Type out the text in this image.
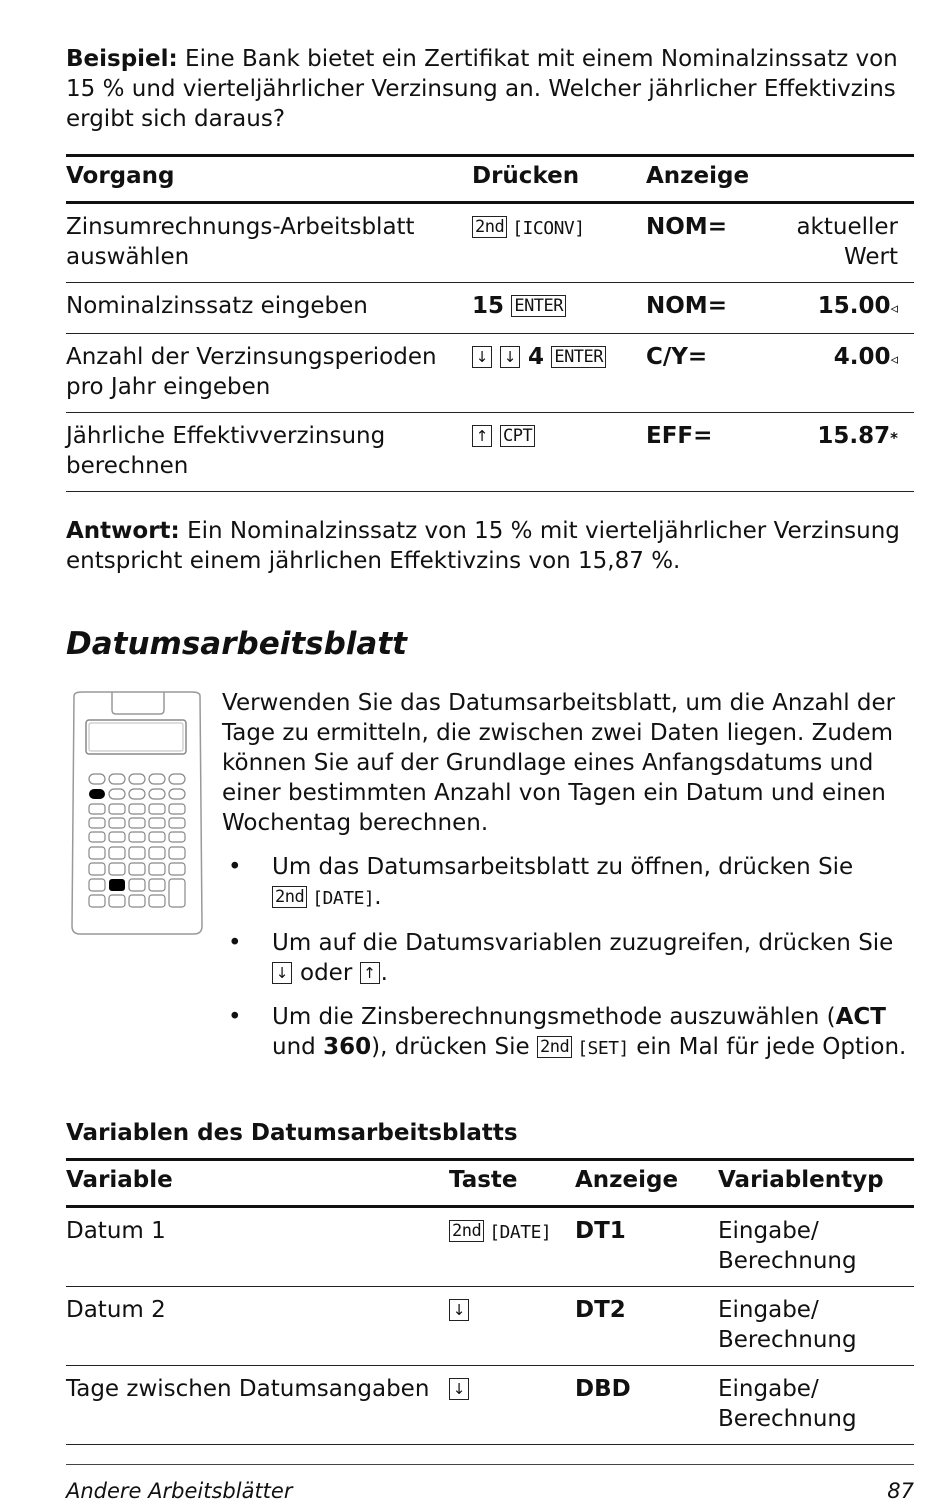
Beispiel: Eine Bank bietet ein Zertifikat mit einem Nominalzinssatz von 15 % und vierteljährlicher Verzinsung an. Welcher jährlicher Effektivzins ergibt sich daraus?

Vorgang	Drücken	Anzeige
Zinsumrechnungs-Arbeitsblatt auswählen	2nd [ICONV]	NOM= aktueller Wert

Nominalzinssatz eingeben	15 ENTER	NOM= 15.00◃

Anzahl der Verzinsungsperioden pro Jahr eingeben	↓ ↓ 4 ENTER	C/Y= 4.00◃

Jährliche Effektivverzinsung berechnen	↑ CPT	EFF= 15.87*

Antwort: Ein Nominalzinssatz von 15 % mit vierteljährlicher Verzinsung entspricht einem jährlichen Effektivzins von 15,87 %.

Datumsarbeitsblatt

Verwenden Sie das Datumsarbeitsblatt, um die Anzahl der Tage zu ermitteln, die zwischen zwei Daten liegen. Zudem können Sie auf der Grundlage eines Anfangsdatums und einer bestimmten Anzahl von Tagen ein Datum und einen Wochentag berechnen.

• Um das Datumsarbeitsblatt zu öffnen, drücken Sie
2nd [DATE].
• Um auf die Datumsvariablen zuzugreifen, drücken Sie
↓ oder ↑ .
• Um die Zinsberechnungsmethode auszuwählen (ACT
und 360), drücken Sie 2nd [SET] ein Mal für jede Option.
Variablen des Datumsarbeitsblatts
Variable	Taste	Anzeige	Variablentyp
Datum 1	2nd [DATE]	DT1	Eingabe/ Berechnung
Datum 2	↓	DT2	Eingabe/ Berechnung
Tage zwischen Datumsangaben	↓	DBD	Eingabe/ Berechnung
Andere Arbeitsblätter	87
